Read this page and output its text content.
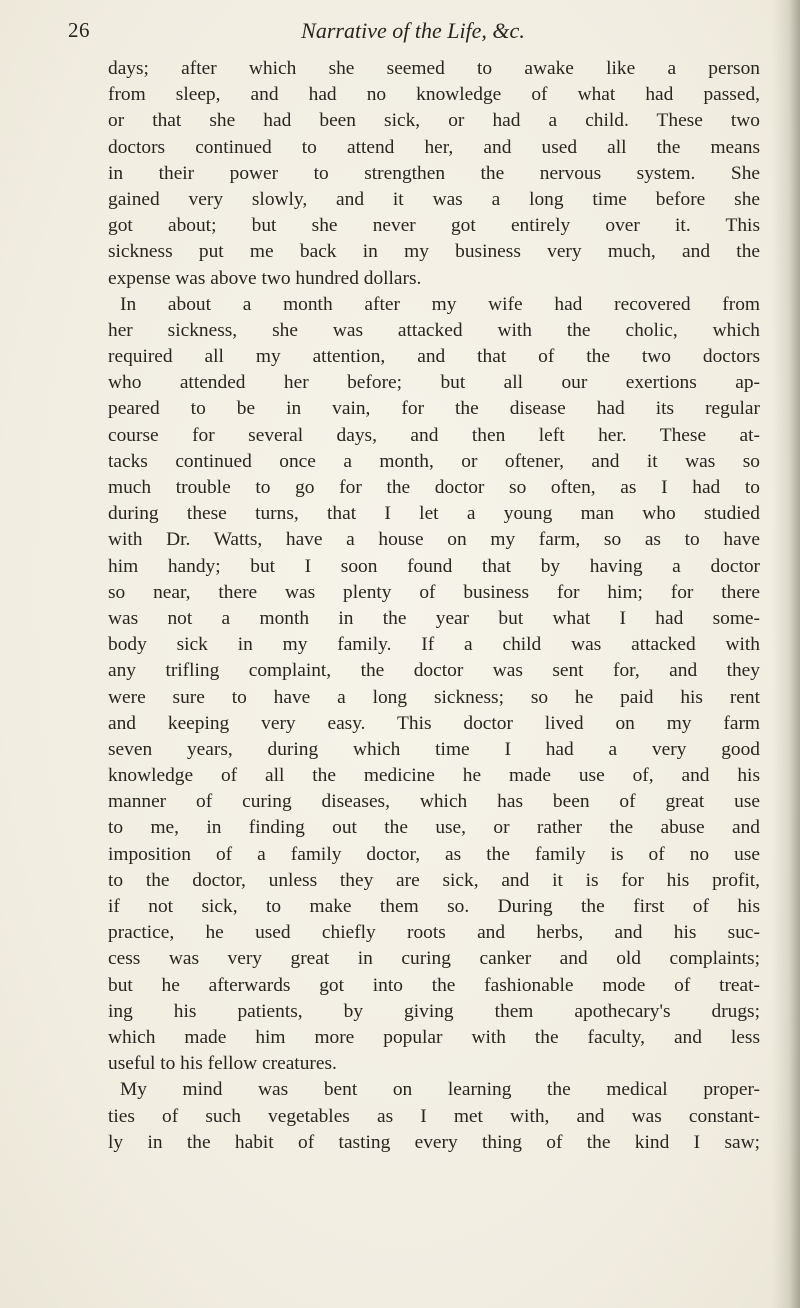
26	Narrative of the Life, &c.
days; after which she seemed to awake like a person
from sleep, and had no knowledge of what had passed,
or that she had been sick, or had a child. These two
doctors continued to attend her, and used all the means
in their power to strengthen the nervous system. She
gained very slowly, and it was a long time before she
got about; but she never got entirely over it. This
sickness put me back in my business very much, and the
expense was above two hundred dollars.
In about a month after my wife had recovered from
her sickness, she was attacked with the cholic, which
required all my attention, and that of the two doctors
who attended her before; but all our exertions ap-
peared to be in vain, for the disease had its regular
course for several days, and then left her. These at-
tacks continued once a month, or oftener, and it was so
much trouble to go for the doctor so often, as I had to
during these turns, that I let a young man who studied
with Dr. Watts, have a house on my farm, so as to have
him handy; but I soon found that by having a doctor
so near, there was plenty of business for him; for there
was not a month in the year but what I had some-
body sick in my family. If a child was attacked with
any trifling complaint, the doctor was sent for, and they
were sure to have a long sickness; so he paid his rent
and keeping very easy. This doctor lived on my farm
seven years, during which time I had a very good
knowledge of all the medicine he made use of, and his
manner of curing diseases, which has been of great use
to me, in finding out the use, or rather the abuse and
imposition of a family doctor, as the family is of no use
to the doctor, unless they are sick, and it is for his profit,
if not sick, to make them so. During the first of his
practice, he used chiefly roots and herbs, and his suc-
cess was very great in curing canker and old complaints;
but he afterwards got into the fashionable mode of treat-
ing his patients, by giving them apothecary's drugs;
which made him more popular with the faculty, and less
useful to his fellow creatures.
My mind was bent on learning the medical proper-
ties of such vegetables as I met with, and was constant-
ly in the habit of tasting every thing of the kind I saw;
